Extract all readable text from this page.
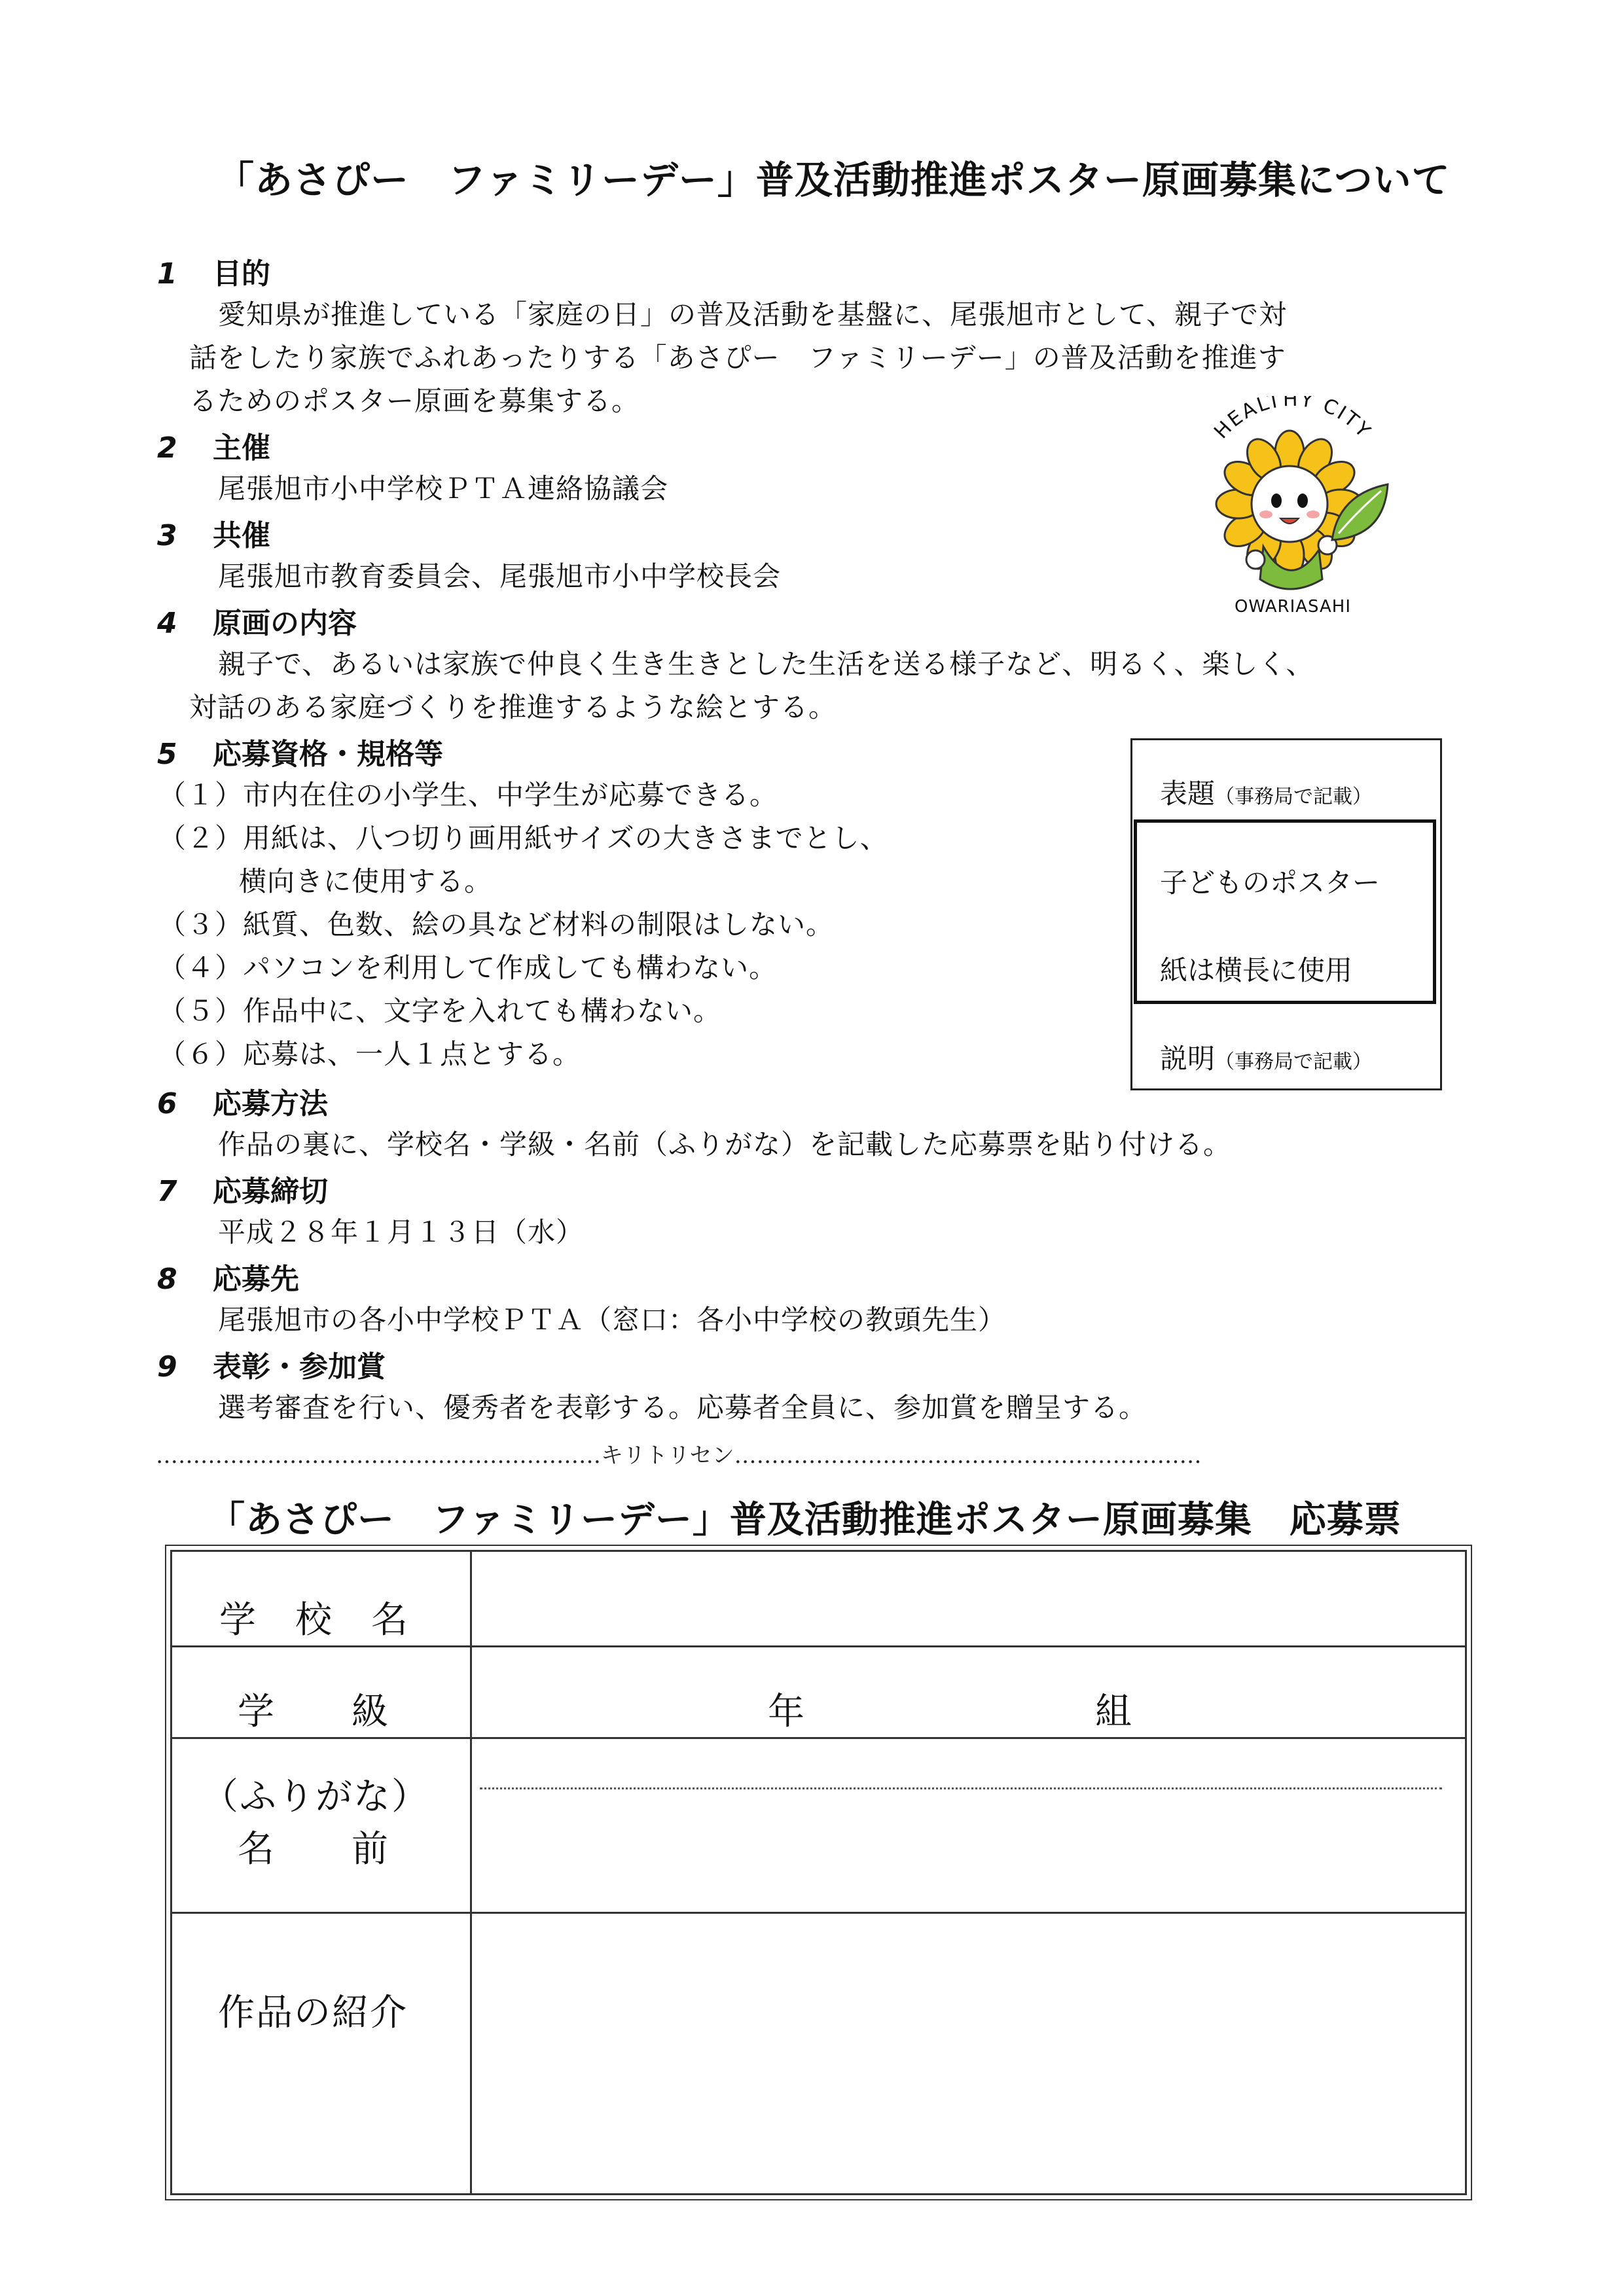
「あさぴー　ファミリーデー」普及活動推進ポスター原画募集について
1 目的
愛知県が推進している「家庭の日」の普及活動を基盤に、尾張旭市として、親子で対
話をしたり家族でふれあったりする「あさぴー　ファミリーデー」の普及活動を推進す
るためのポスター原画を募集する。
2 主催
尾張旭市小中学校ＰＴＡ連絡協議会
3 共催
尾張旭市教育委員会、尾張旭市小中学校長会
HEALTHY CITY
OWARIASAHI
4 原画の内容
親子で、あるいは家族で仲良く生き生きとした生活を送る様子など、明るく、楽しく、
対話のある家庭づくりを推進するような絵とする。
5 応募資格・規格等
（１）市内在住の小学生、中学生が応募できる。
（２）用紙は、八つ切り画用紙サイズの大きさまでとし、
横向きに使用する。
（３）紙質、色数、絵の具など材料の制限はしない。
（４）パソコンを利用して作成しても構わない。
（５）作品中に、文字を入れても構わない。
（６）応募は、一人１点とする。
表題（事務局で記載）
子どものポスター
紙は横長に使用
説明（事務局で記載）
6 応募方法
作品の裏に、学校名・学級・名前（ふりがな）を記載した応募票を貼り付ける。
7 応募締切
平成２８年１月１３日（水）
8 応募先
尾張旭市の各小中学校ＰＴＡ（窓口：各小中学校の教頭先生）
9 表彰・参加賞
選考審査を行い、優秀者を表彰する。応募者全員に、参加賞を贈呈する。
……………………………………………………キリトリセン………………………………………………………
「あさぴー　ファミリーデー」普及活動推進ポスター原画募集　応募票
学　校　名
学　　級	年	組
（ふりがな）
名　　前
作品の紹介
